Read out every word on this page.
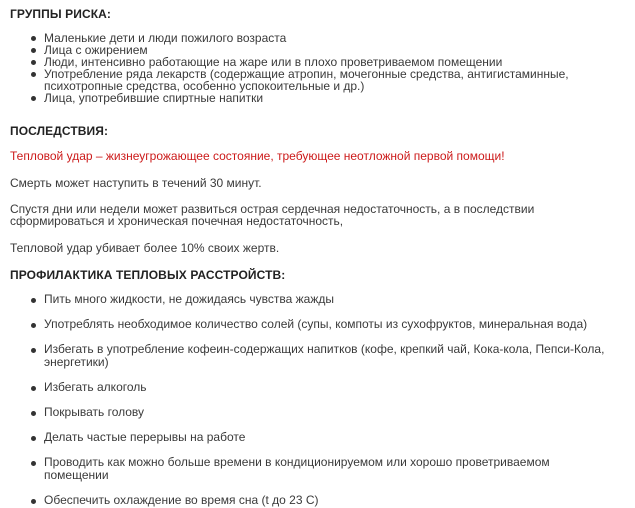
ГРУППЫ РИСКА:
Маленькие дети и люди пожилого возраста
Лица с ожирением
Люди, интенсивно работающие на жаре или в плохо проветриваемом помещении
Употребление ряда лекарств (содержащие атропин, мочегонные средства, антигистаминные, психотропные средства, особенно успокоительные и др.)
Лица, употребившие спиртные напитки
ПОСЛЕДСТВИЯ:
Тепловой удар – жизнеугрожающее состояние, требующее неотложной первой помощи!
Смерть может наступить в течений 30 минут.
Спустя дни или недели может развиться острая сердечная недостаточность, а в последствии сформироваться и хроническая почечная недостаточность,
Тепловой удар убивает более 10% своих жертв.
ПРОФИЛАКТИКА ТЕПЛОВЫХ РАССТРОЙСТВ:
Пить много жидкости, не дожидаясь чувства жажды
Употреблять необходимое количество солей (супы, компоты из сухофруктов, минеральная вода)
Избегать в употребление кофеин-содержащих напитков (кофе, крепкий чай, Кока-кола, Пепси-Кола, энергетики)
Избегать алкоголь
Покрывать голову
Делать частые перерывы на работе
Проводить как можно больше времени в кондиционируемом или хорошо проветриваемом помещении
Обеспечить охлаждение во время сна (t до 23 С)
